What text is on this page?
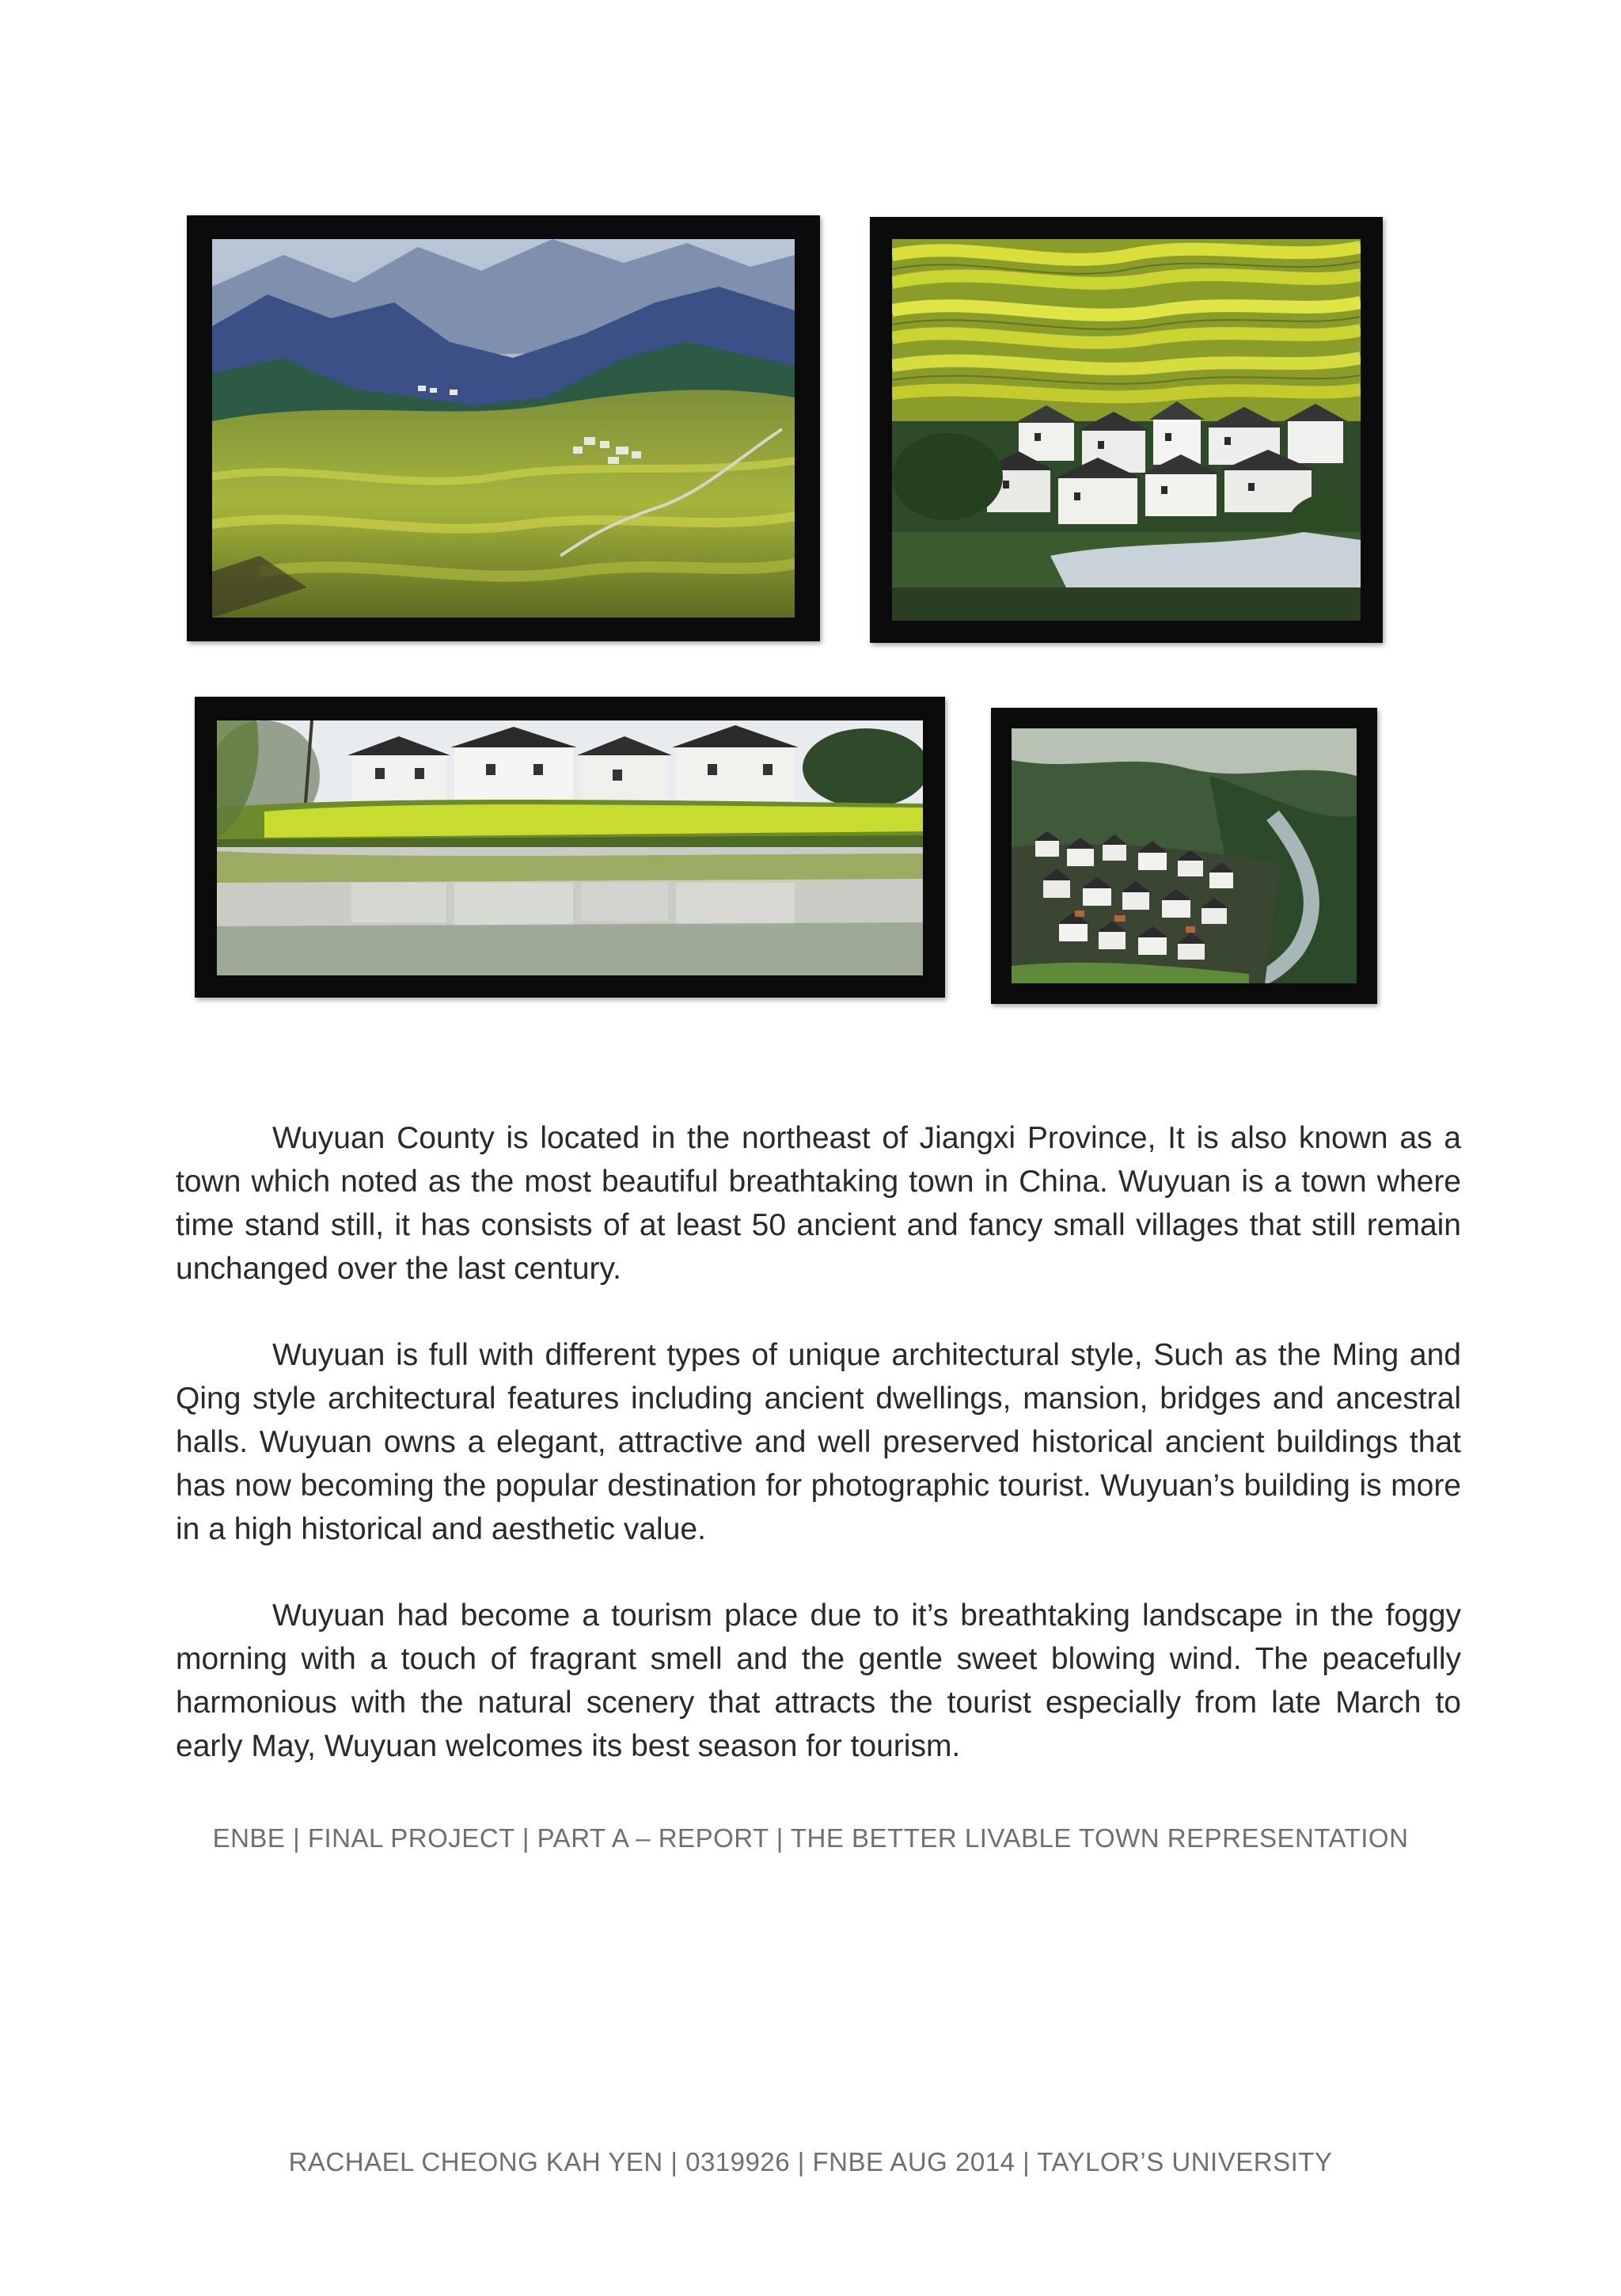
Wuyuan County is located in the northeast of Jiangxi Province, It is also known as a town which noted as the most beautiful breathtaking town in China. Wuyuan is a town where time stand still, it has consists of at least 50 ancient and fancy small villages that still remain unchanged over the last century.

Wuyuan is full with different types of unique architectural style, Such as the Ming and Qing style architectural features including ancient dwellings, mansion, bridges and ancestral halls. Wuyuan owns a elegant, attractive and well preserved historical ancient buildings that has now becoming the popular destination for photographic tourist. Wuyuan’s building is more in a high historical and aesthetic value.

Wuyuan had become a tourism place due to it’s breathtaking landscape in the foggy morning with a touch of fragrant smell and the gentle sweet blowing wind. The peacefully harmonious with the natural scenery that attracts the tourist especially from late March to early May, Wuyuan welcomes its best season for tourism.

ENBE | FINAL PROJECT | PART A – REPORT | THE BETTER LIVABLE TOWN REPRESENTATION
RACHAEL CHEONG KAH YEN | 0319926 | FNBE AUG 2014 | TAYLOR’S UNIVERSITY
